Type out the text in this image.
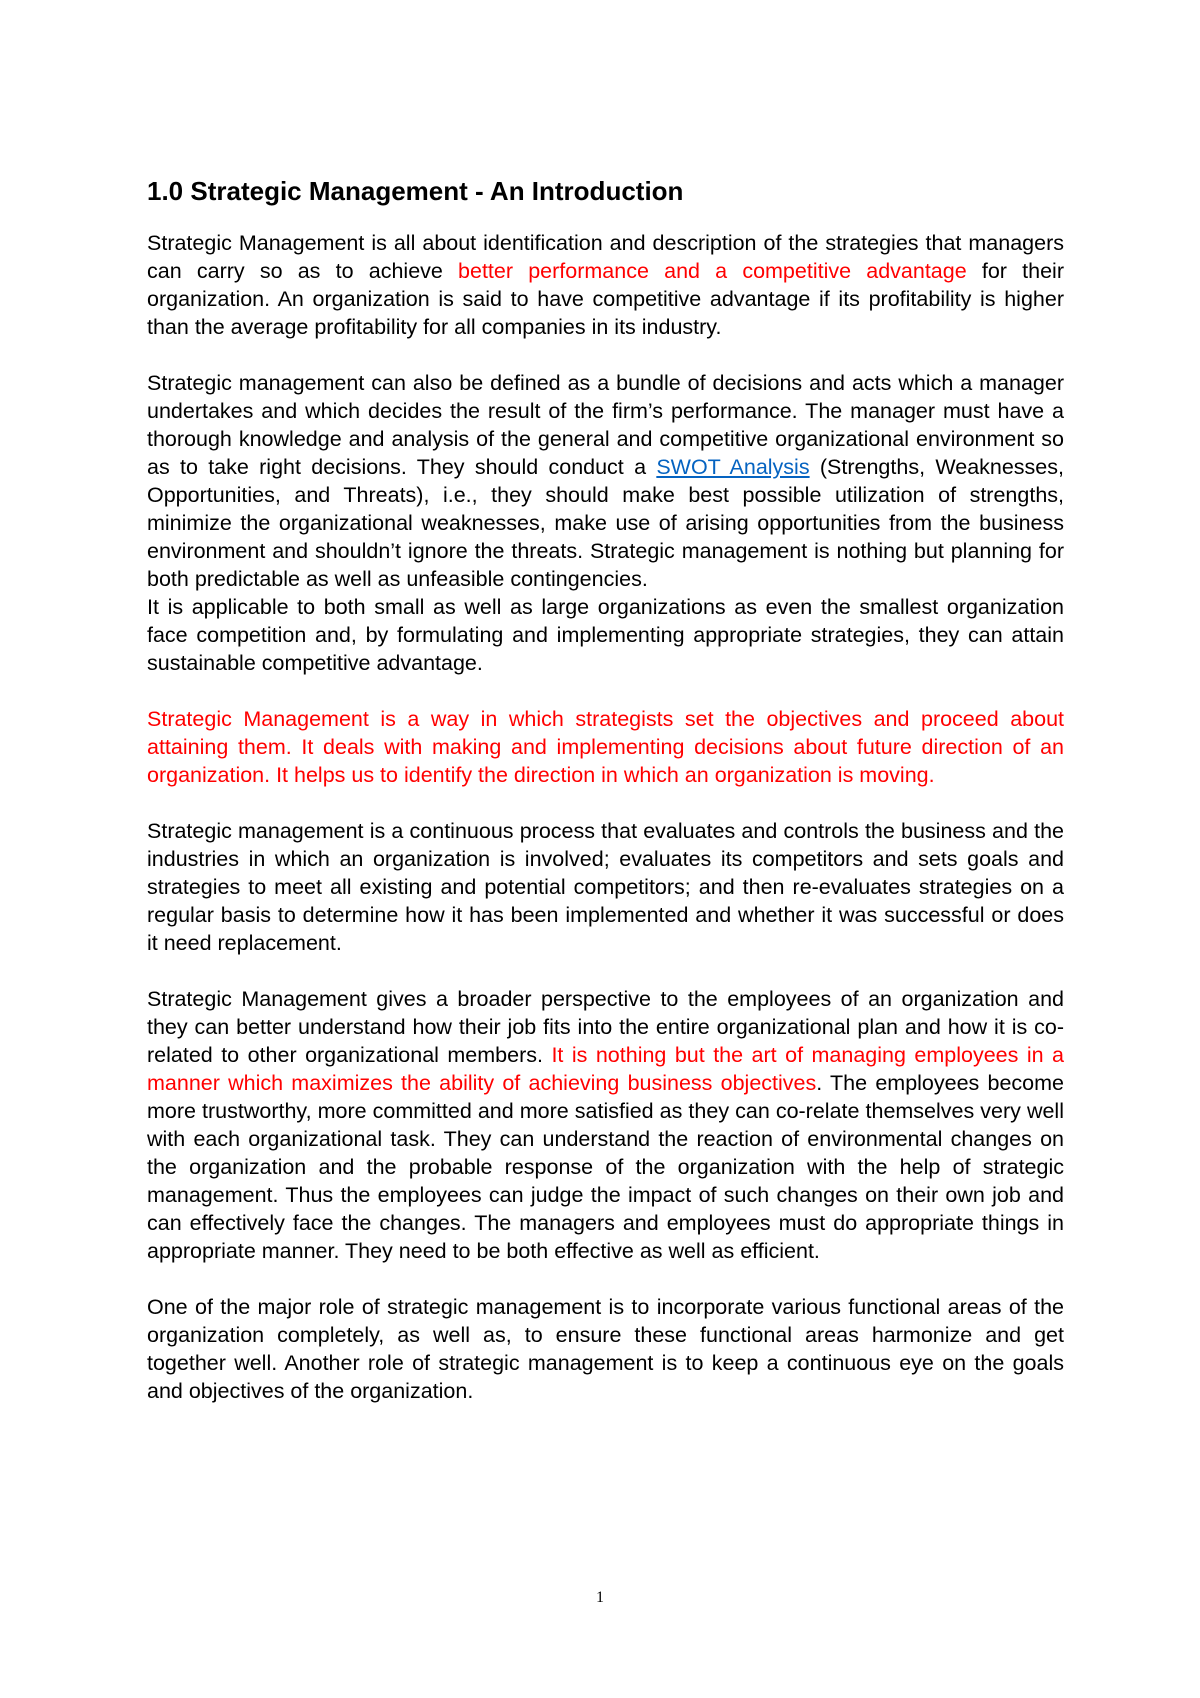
1.0 Strategic Management - An Introduction

Strategic Management is all about identification and description of the strategies that managers can carry so as to achieve better performance and a competitive advantage for their organization. An organization is said to have competitive advantage if its profitability is higher than the average profitability for all companies in its industry.

Strategic management can also be defined as a bundle of decisions and acts which a manager undertakes and which decides the result of the firm’s performance. The manager must have a thorough knowledge and analysis of the general and competitive organizational environment so as to take right decisions. They should conduct a SWOT Analysis (Strengths, Weaknesses, Opportunities, and Threats), i.e., they should make best possible utilization of strengths, minimize the organizational weaknesses, make use of arising opportunities from the business environment and shouldn’t ignore the threats. Strategic management is nothing but planning for both predictable as well as unfeasible contingencies.

It is applicable to both small as well as large organizations as even the smallest organization face competition and, by formulating and implementing appropriate strategies, they can attain sustainable competitive advantage.

Strategic Management is a way in which strategists set the objectives and proceed about attaining them. It deals with making and implementing decisions about future direction of an organization. It helps us to identify the direction in which an organization is moving.

Strategic management is a continuous process that evaluates and controls the business and the industries in which an organization is involved; evaluates its competitors and sets goals and strategies to meet all existing and potential competitors; and then re-evaluates strategies on a regular basis to determine how it has been implemented and whether it was successful or does it need replacement.

Strategic Management gives a broader perspective to the employees of an organization and they can better understand how their job fits into the entire organizational plan and how it is co-related to other organizational members. It is nothing but the art of managing employees in a manner which maximizes the ability of achieving business objectives. The employees become more trustworthy, more committed and more satisfied as they can co-relate themselves very well with each organizational task. They can understand the reaction of environmental changes on the organization and the probable response of the organization with the help of strategic management. Thus the employees can judge the impact of such changes on their own job and can effectively face the changes. The managers and employees must do appropriate things in appropriate manner. They need to be both effective as well as efficient.

One of the major role of strategic management is to incorporate various functional areas of the organization completely, as well as, to ensure these functional areas harmonize and get together well. Another role of strategic management is to keep a continuous eye on the goals and objectives of the organization.

1
